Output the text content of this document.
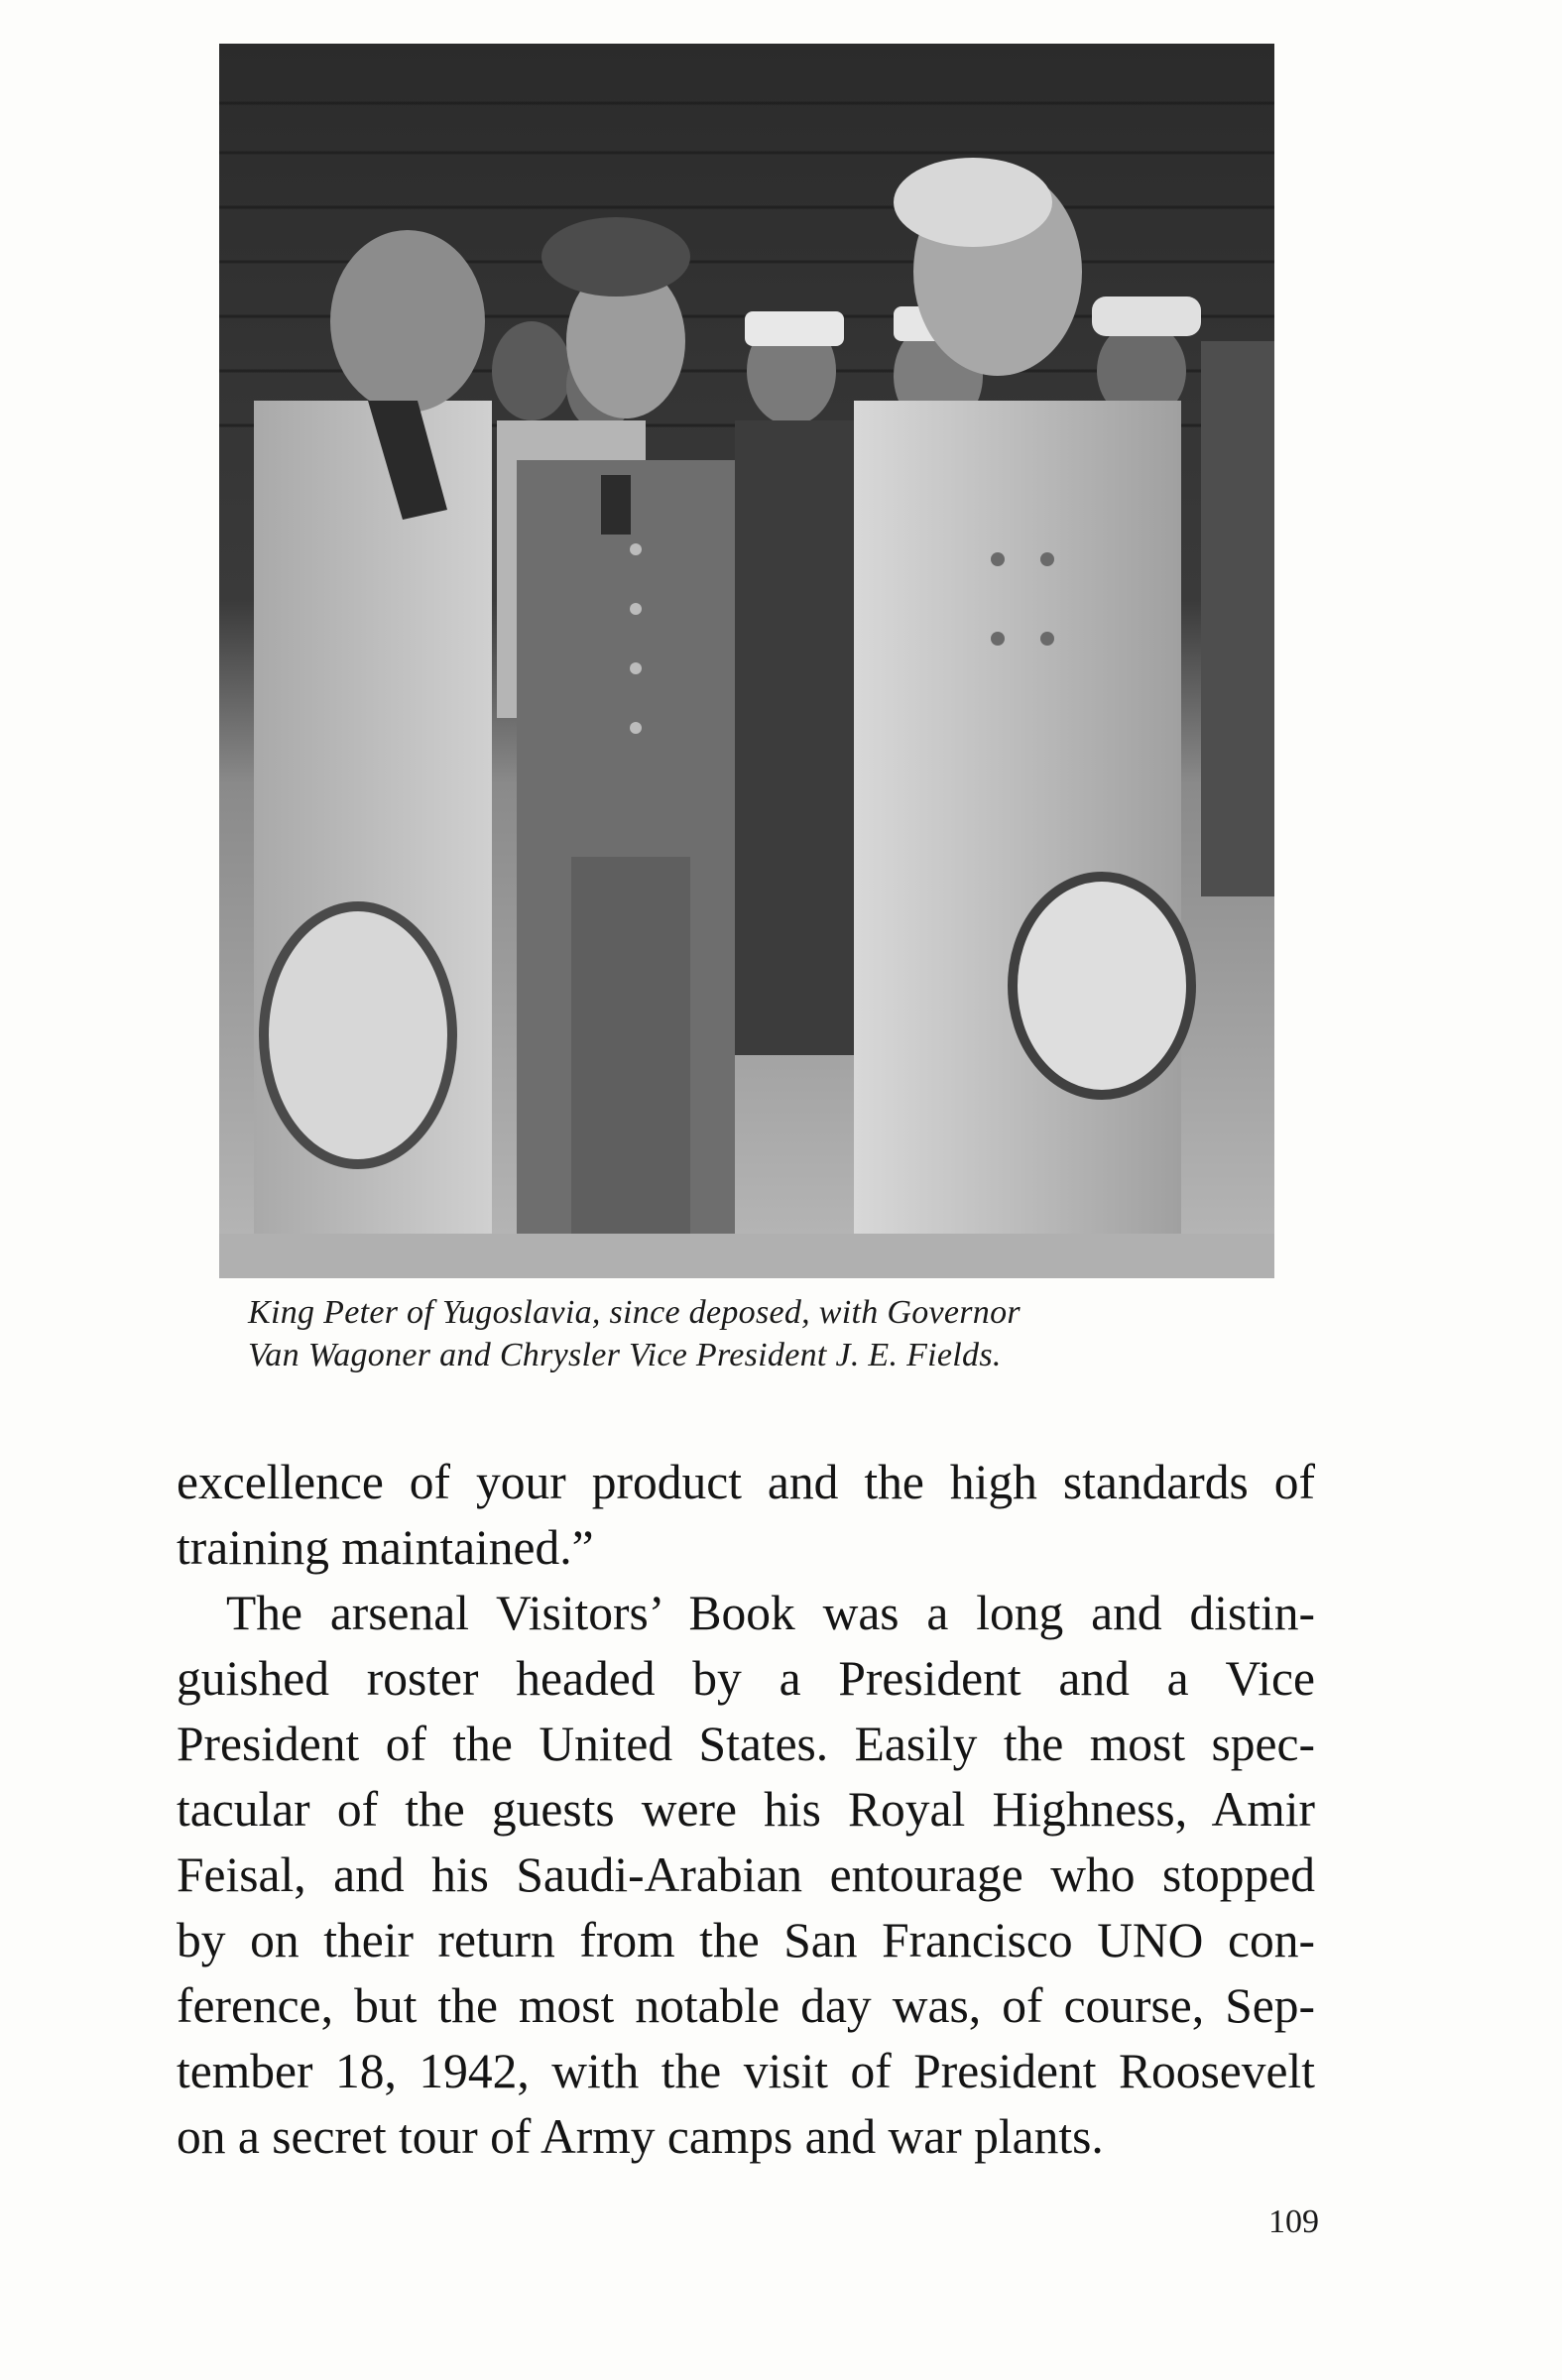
King Peter of Yugoslavia, since deposed, with Governor
Van Wagoner and Chrysler Vice President J. E. Fields.
excellence of your product and the high standards of
training maintained.”
The arsenal Visitors’ Book was a long and distin-
guished roster headed by a President and a Vice
President of the United States. Easily the most spec-
tacular of the guests were his Royal Highness, Amir
Feisal, and his Saudi-Arabian entourage who stopped
by on their return from the San Francisco UNO con-
ference, but the most notable day was, of course, Sep-
tember 18, 1942, with the visit of President Roosevelt
on a secret tour of Army camps and war plants.
109
